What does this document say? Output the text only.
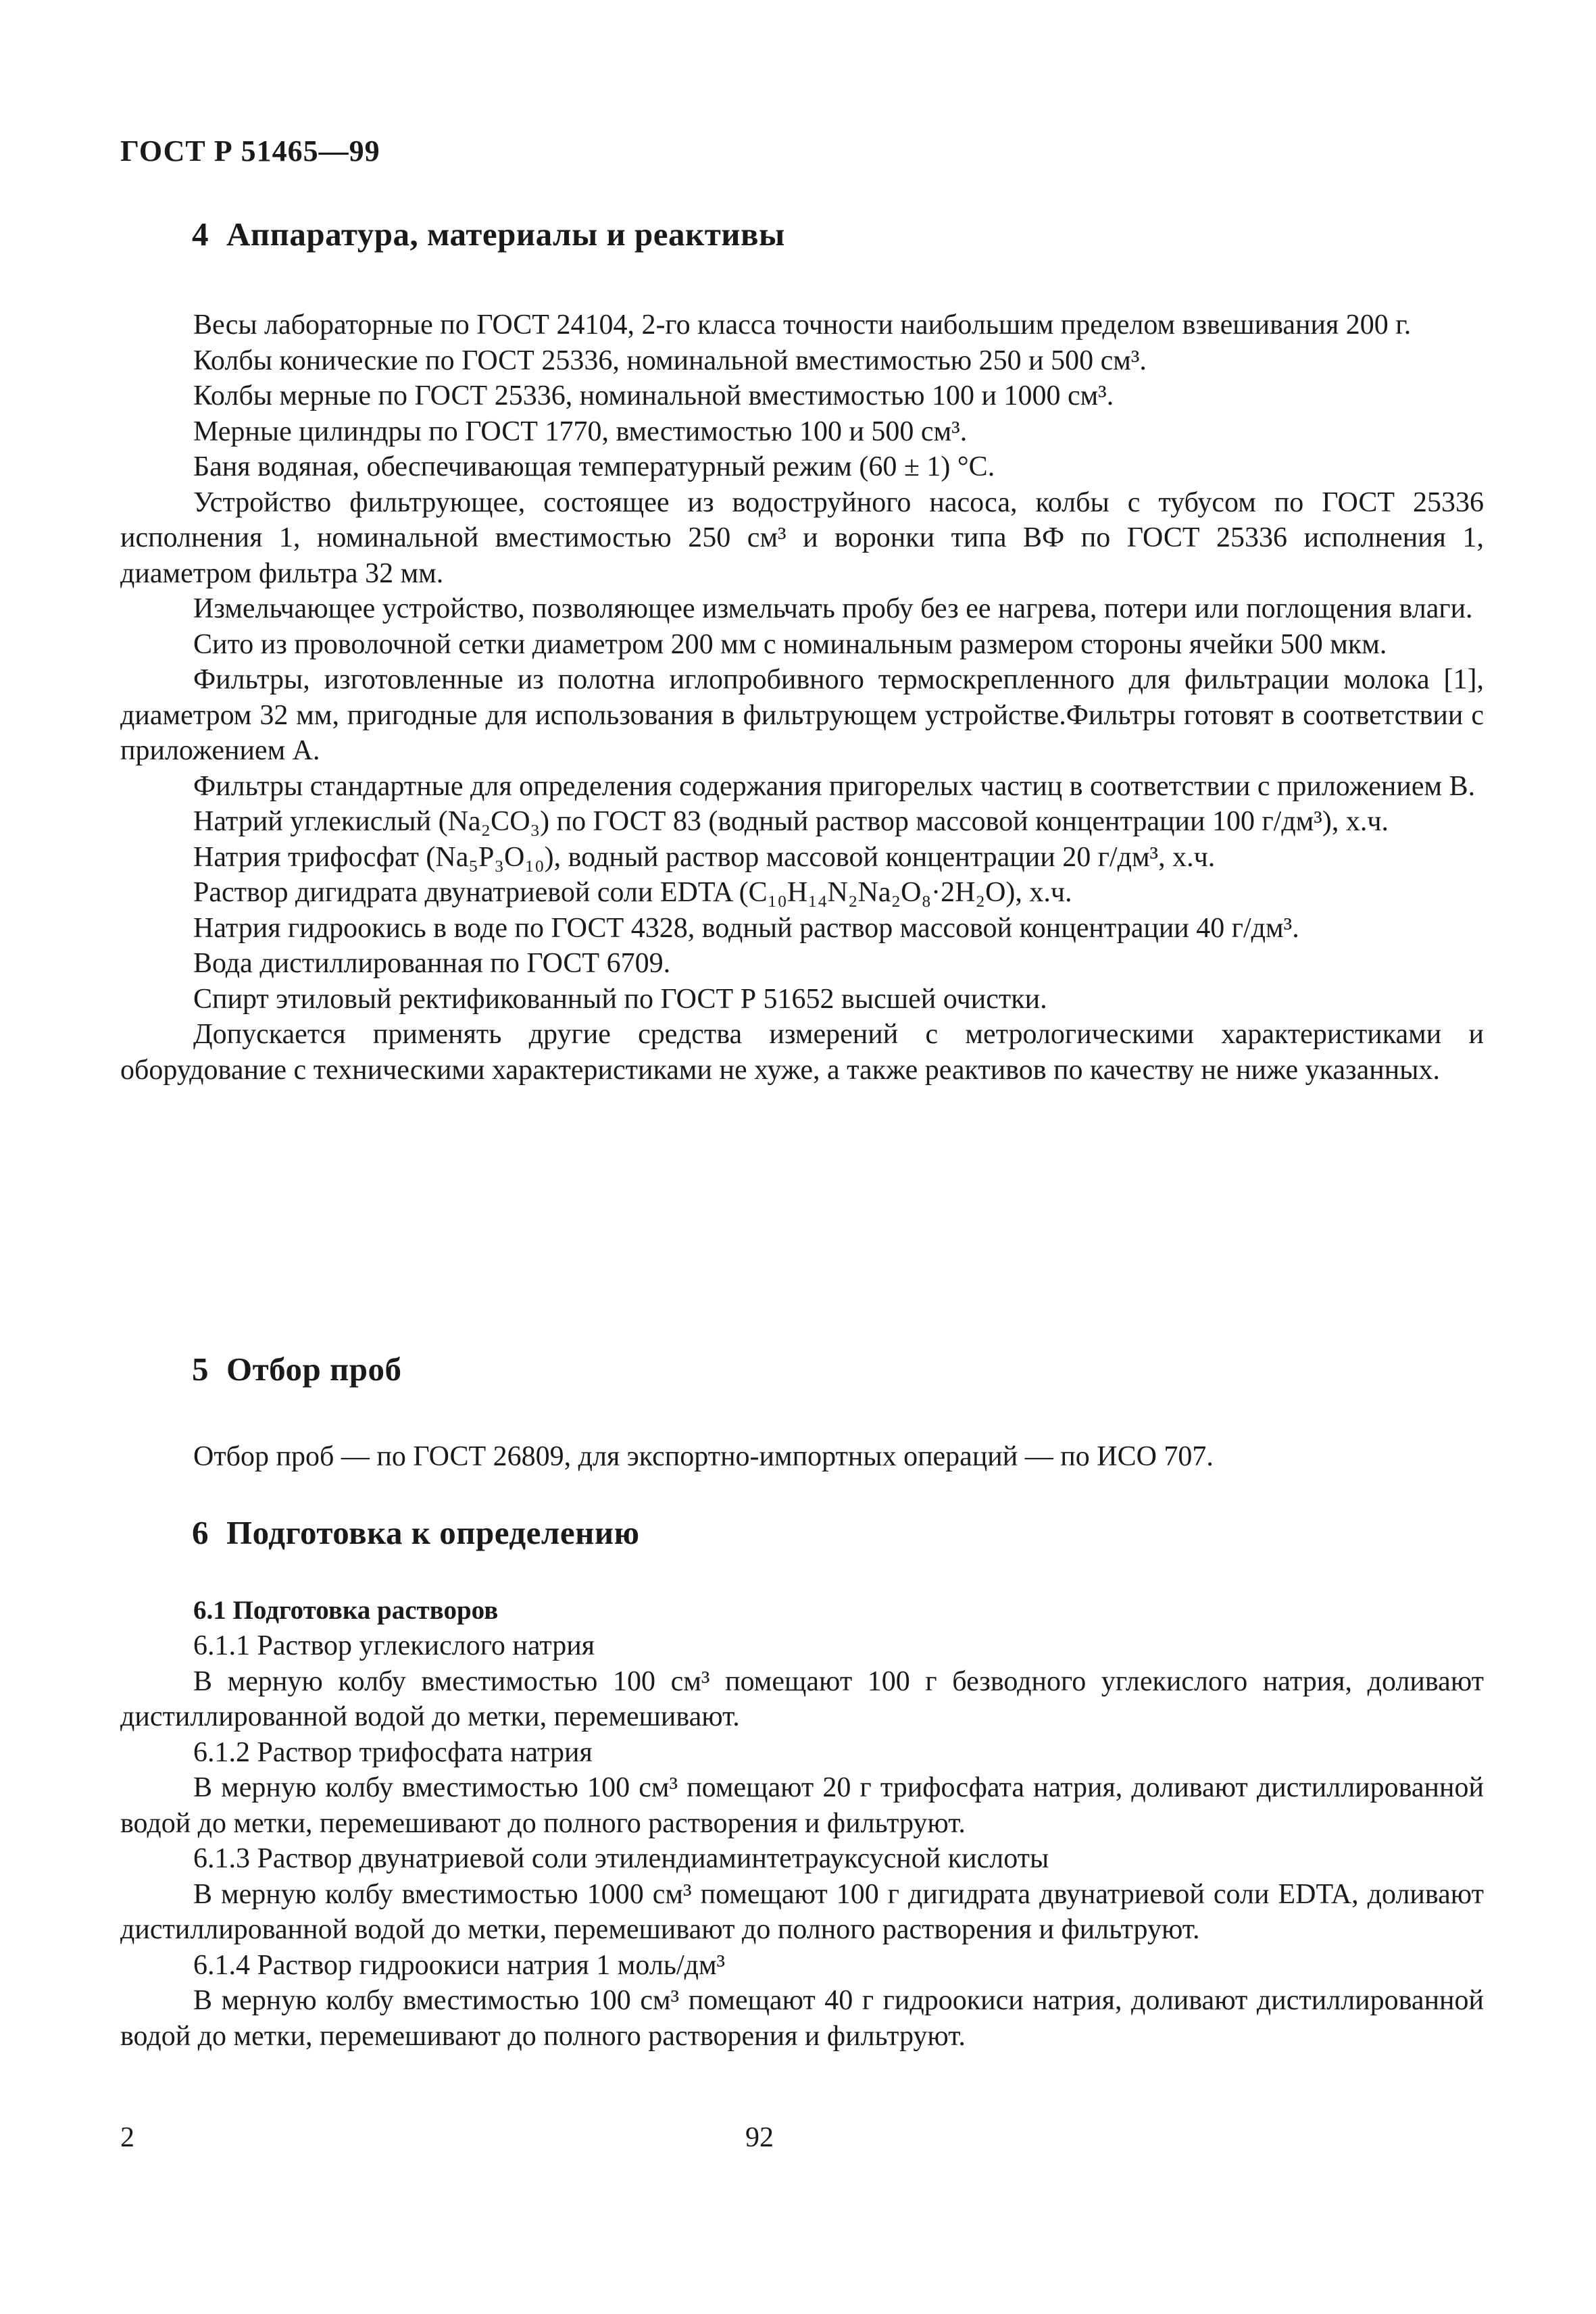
ГОСТ Р 51465—99
4 Аппаратура, материалы и реактивы

Весы лабораторные по ГОСТ 24104, 2-го класса точности наибольшим пределом взвешивания 200 г.

Колбы конические по ГОСТ 25336, номинальной вместимостью 250 и 500 см³.

Колбы мерные по ГОСТ 25336, номинальной вместимостью 100 и 1000 см³.

Мерные цилиндры по ГОСТ 1770, вместимостью 100 и 500 см³.

Баня водяная, обеспечивающая температурный режим (60 ± 1) °С.

Устройство фильтрующее, состоящее из водоструйного насоса, колбы с тубусом по ГОСТ 25336 исполнения 1, номинальной вместимостью 250 см³ и воронки типа ВФ по ГОСТ 25336 исполнения 1, диаметром фильтра 32 мм.

Измельчающее устройство, позволяющее измельчать пробу без ее нагрева, потери или поглощения влаги.

Сито из проволочной сетки диаметром 200 мм с номинальным размером стороны ячейки 500 мкм.

Фильтры, изготовленные из полотна иглопробивного термоскрепленного для фильтрации молока [1], диаметром 32 мм, пригодные для использования в фильтрующем устройстве.Фильтры готовят в соответствии с приложением А.

Фильтры стандартные для определения содержания пригорелых частиц в соответствии с приложением В.

Натрий углекислый (Na₂CO₃) по ГОСТ 83 (водный раствор массовой концентрации 100 г/дм³), х.ч.

Натрия трифосфат (Na₅P₃O₁₀), водный раствор массовой концентрации 20 г/дм³, х.ч.

Раствор дигидрата двунатриевой соли EDTA (C₁₀H₁₄N₂Na₂O₈·2H₂O), х.ч.

Натрия гидроокись в воде по ГОСТ 4328, водный раствор массовой концентрации 40 г/дм³.

Вода дистиллированная по ГОСТ 6709.

Спирт этиловый ректификованный по ГОСТ Р 51652 высшей очистки.

Допускается применять другие средства измерений с метрологическими характеристиками и оборудование с техническими характеристиками не хуже, а также реактивов по качеству не ниже указанных.

5 Отбор проб

Отбор проб — по ГОСТ 26809, для экспортно-импортных операций — по ИСО 707.

6 Подготовка к определению
6.1 Подготовка растворов

6.1.1 Раствор углекислого натрия

В мерную колбу вместимостью 100 см³ помещают 100 г безводного углекислого натрия, доливают дистиллированной водой до метки, перемешивают.

6.1.2 Раствор трифосфата натрия

В мерную колбу вместимостью 100 см³ помещают 20 г трифосфата натрия, доливают дистиллированной водой до метки, перемешивают до полного растворения и фильтруют.

6.1.3 Раствор двунатриевой соли этилендиаминтетрауксусной кислоты

В мерную колбу вместимостью 1000 см³ помещают 100 г дигидрата двунатриевой соли EDTA, доливают дистиллированной водой до метки, перемешивают до полного растворения и фильтруют.

6.1.4 Раствор гидроокиси натрия 1 моль/дм³

В мерную колбу вместимостью 100 см³ помещают 40 г гидроокиси натрия, доливают дистиллированной водой до метки, перемешивают до полного растворения и фильтруют.

2	92
